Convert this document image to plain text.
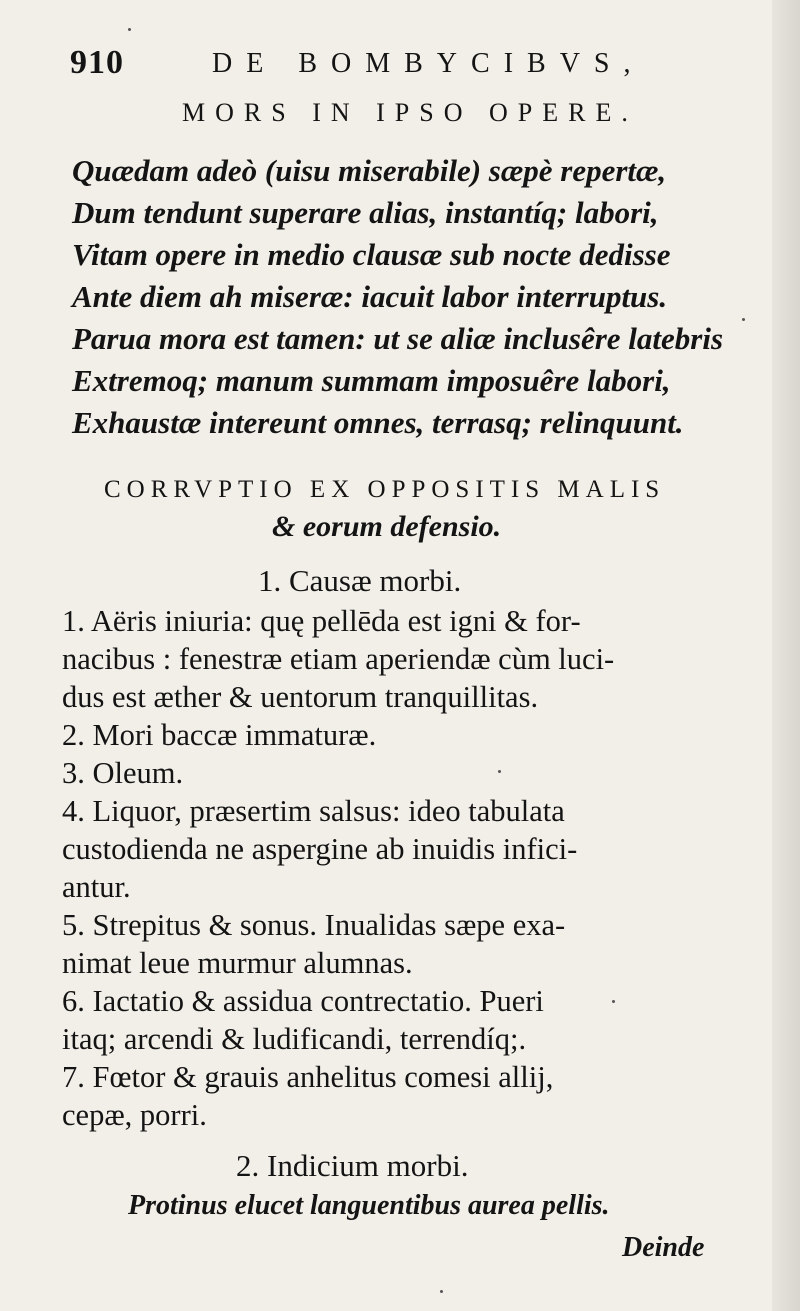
910	DE BOMBYCIBVS,
MORS IN IPSO OPERE.
Quædam adeò (uisu miserabile) sæpè repertæ,
Dum tendunt superare alias, instantíq; labori,
Vitam opere in medio clausæ sub nocte dedisse
Ante diem ah miseræ: iacuit labor interruptus.
Parua mora est tamen: ut se aliæ inclusêre latebris
Extremoq; manum summam imposuêre labori,
Exhaustæ intereunt omnes, terrasq; relinquunt.
CORRVPTIO EX OPPOSITIS MALIS
& eorum defensio.
1. Causæ morbi.
1. Aëris iniuria: quę pellēda est igni & for-
nacibus : fenestræ etiam aperiendæ cùm luci-
dus est æther & uentorum tranquillitas.
2. Mori baccæ immaturæ.
3. Oleum.
4. Liquor, præsertim salsus: ideo tabulata
custodienda ne aspergine ab inuidis infici-
antur.
5. Strepitus & sonus. Inualidas sæpe exa-
nimat leue murmur alumnas.
6. Iactatio & assidua contrectatio. Pueri
itaq; arcendi & ludificandi, terrendíq;.
7. Fœtor & grauis anhelitus comesi allij,
cepæ, porri.
2. Indicium morbi.
Protinus elucet languentibus aurea pellis.
Deinde
